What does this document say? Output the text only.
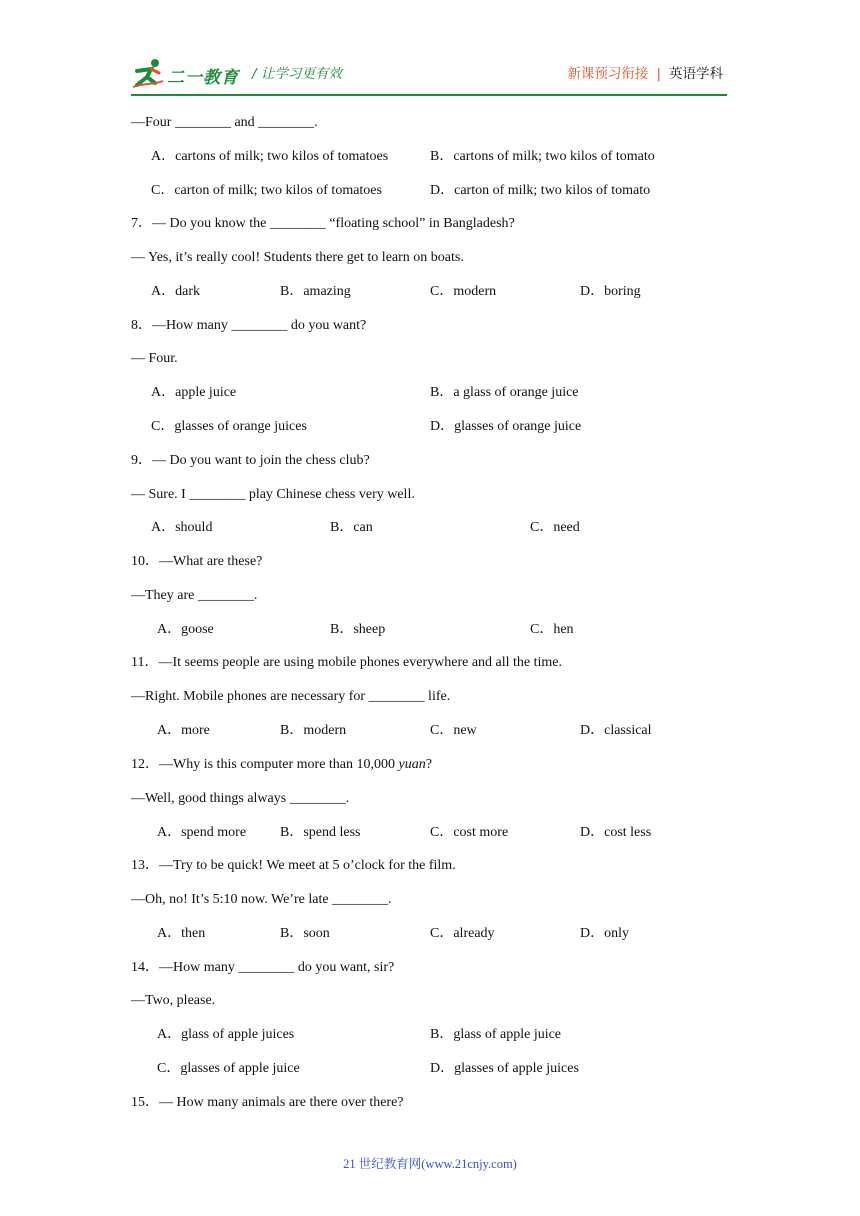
二一教育 / 让学习更有效	新课预习衔接 | 英语学科
—Four ________ and ________.
A．cartons of milk; two kilos of tomatoes	B．cartons of milk; two kilos of tomato
C．carton of milk; two kilos of tomatoes	D．carton of milk; two kilos of tomato
7．— Do you know the ________ “floating school” in Bangladesh?
— Yes, it’s really cool! Students there get to learn on boats.
A．dark	B．amazing	C．modern	D．boring
8．—How many ________ do you want?
— Four.
A．apple juice	B．a glass of orange juice
C．glasses of orange juices	D．glasses of orange juice
9．— Do you want to join the chess club?
— Sure. I ________ play Chinese chess very well.
A．should	B．can	C．need
10．—What are these?
—They are ________.
A．goose	B．sheep	C．hen
11．—It seems people are using mobile phones everywhere and all the time.
—Right. Mobile phones are necessary for ________ life.
A．more	B．modern	C．new	D．classical
12．—Why is this computer more than 10,000 yuan?
—Well, good things always ________.
A．spend more B．spend less	C．cost more	D．cost less
13．—Try to be quick! We meet at 5 o’clock for the film.
—Oh, no! It’s 5:10 now. We’re late ________.
A．then	B．soon	C．already	D．only
14．—How many ________ do you want, sir?
—Two, please.
A．glass of apple juices	B．glass of apple juice
C．glasses of apple juice	D．glasses of apple juices
15．— How many animals are there over there?
21 世纪教育网(www.21cnjy.com)
